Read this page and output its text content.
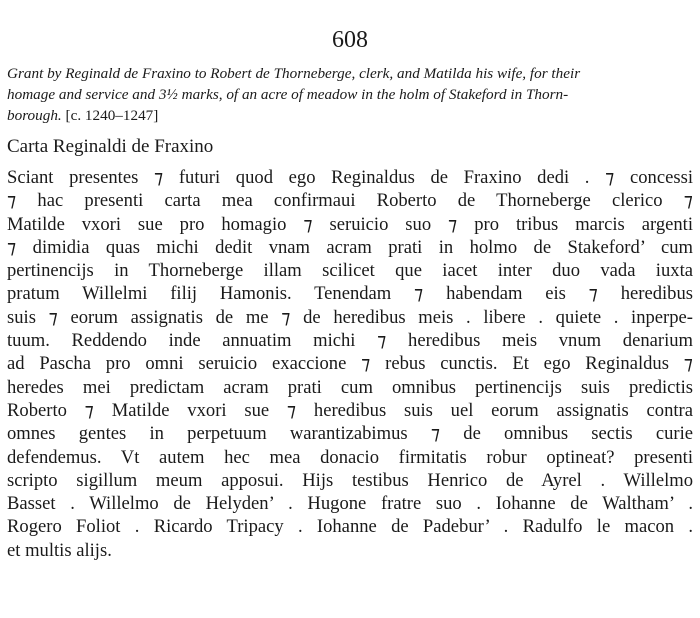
608
Grant by Reginald de Fraxino to Robert de Thorneberge, clerk, and Matilda his wife, for their
homage and service and 3½ marks, of an acre of meadow in the holm of Stakeford in Thorn-
borough. [c. 1240–1247]
Carta Reginaldi de Fraxino
Sciant presentes ⁊ futuri quod ego Reginaldus de Fraxino dedi . ⁊ concessi
⁊ hac presenti carta mea confirmaui Roberto de Thorneberge clerico ⁊
Matilde vxori sue pro homagio ⁊ seruicio suo ⁊ pro tribus marcis argenti
⁊ dimidia quas michi dedit vnam acram prati in holmo de Stakeford’ cum
pertinencijs in Thorneberge illam scilicet que iacet inter duo vada iuxta
pratum Willelmi filij Hamonis. Tenendam ⁊ habendam eis ⁊ heredibus
suis ⁊ eorum assignatis de me ⁊ de heredibus meis . libere . quiete . inperpe-
tuum. Reddendo inde annuatim michi ⁊ heredibus meis vnum denarium
ad Pascha pro omni seruicio exaccione ⁊ rebus cunctis. Et ego Reginaldus ⁊
heredes mei predictam acram prati cum omnibus pertinencijs suis predictis
Roberto ⁊ Matilde vxori sue ⁊ heredibus suis uel eorum assignatis contra
omnes gentes in perpetuum warantizabimus ⁊ de omnibus sectis curie
defendemus. Vt autem hec mea donacio firmitatis robur optineat? presenti
scripto sigillum meum apposui. Hijs testibus Henrico de Ayrel . Willelmo
Basset . Willelmo de Helyden’ . Hugone fratre suo . Iohanne de Waltham’ .
Rogero Foliot . Ricardo Tripacy . Iohanne de Padebur’ . Radulfo le macon .
et multis alijs.
